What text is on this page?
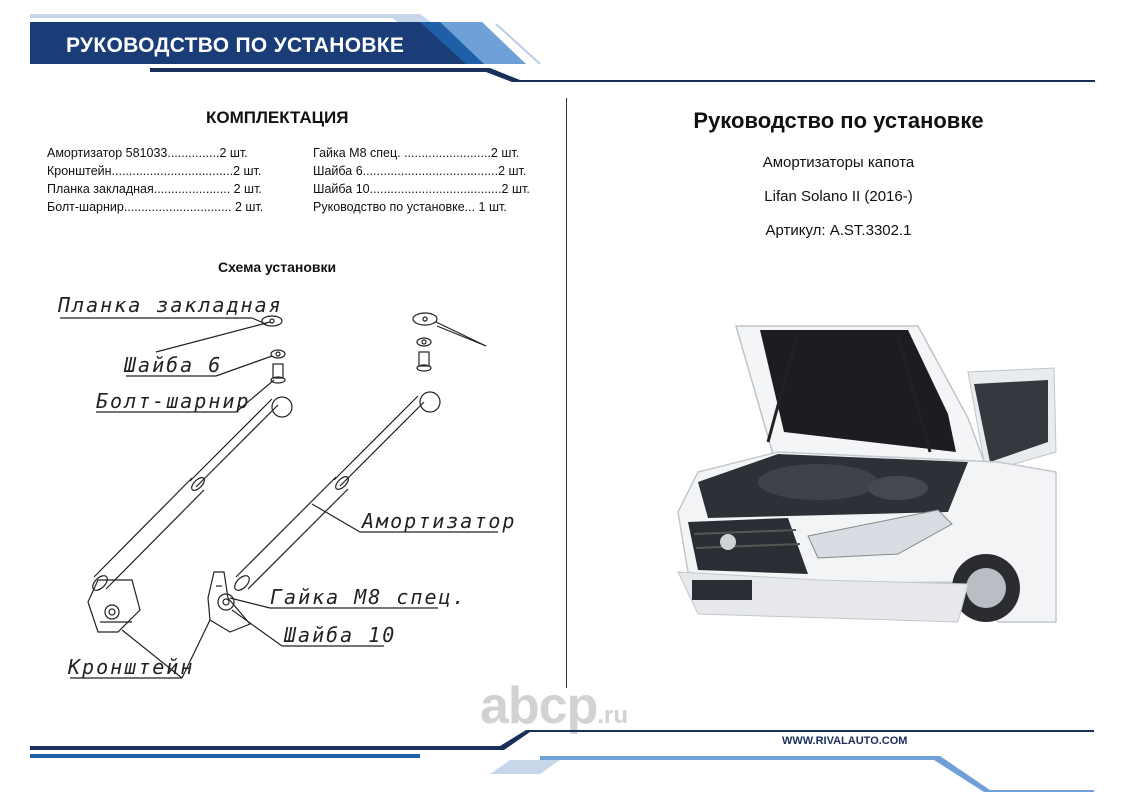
РУКОВОДСТВО ПО УСТАНОВКЕ
КОМПЛЕКТАЦИЯ
Амортизатор 581033...............2 шт.
Кронштейн...................................2 шт.
Планка закладная...................... 2 шт.
Болт-шарнир............................... 2 шт.
Гайка М8 спец. .........................2 шт.
Шайба 6.......................................2 шт.
Шайба 10......................................2 шт.
Руководство по установке... 1 шт.
Схема установки
Планка закладная
Шайба 6
Болт-шарнир
Амортизатор
Гайка М8 спец.
Шайба 10
Кронштейн
Руководство по установке
Амортизаторы капота
Lifan Solano II (2016-)
Артикул: A.ST.3302.1
abcp.ru
WWW.RIVALAUTO.COM
